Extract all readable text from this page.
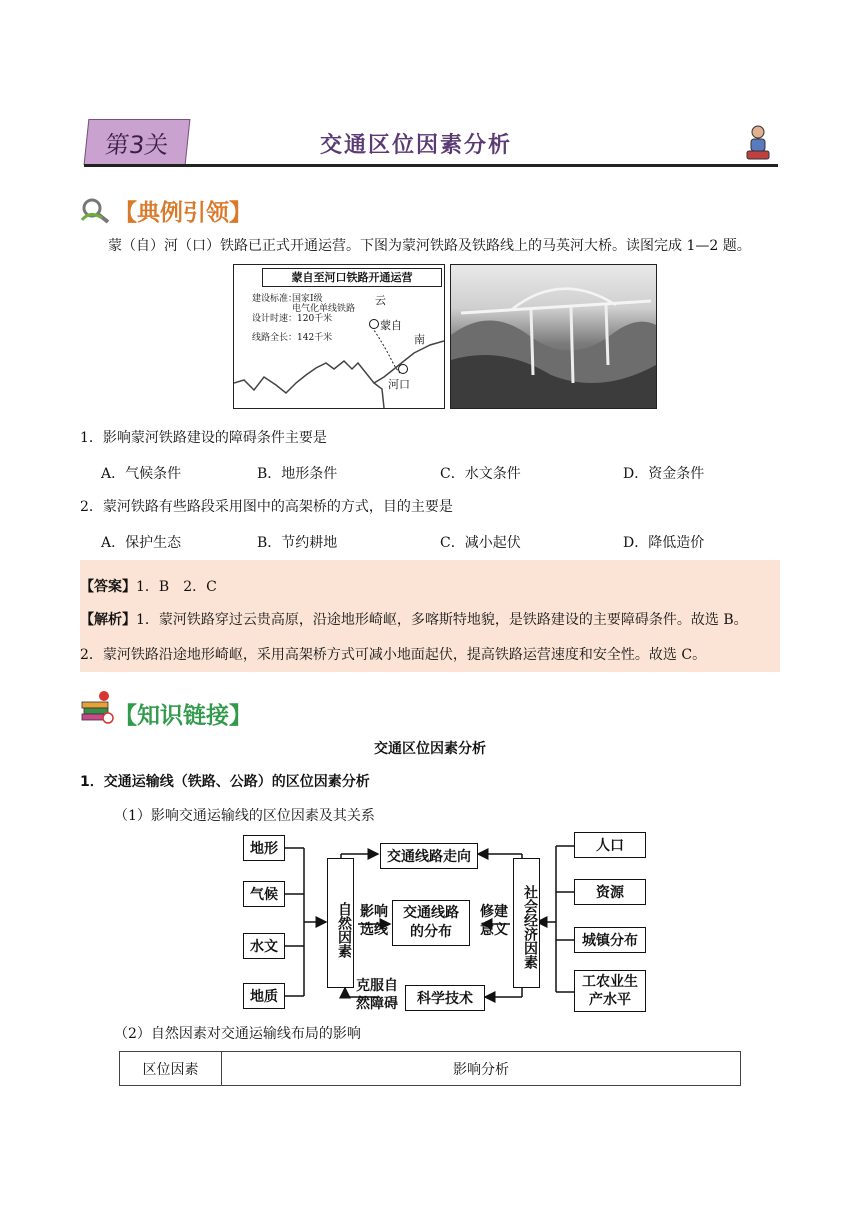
第3关	交通区位因素分析
【典例引领】
蒙（自）河（口）铁路已正式开通运营。下图为蒙河铁路及铁路线上的马英河大桥。读图完成 1—2 题。
蒙自至河口铁路开通运营
建设标准：
国家Ⅰ级
电气化单线铁路
设计时速：120千米
线路全长：142千米
云
南
蒙自
河口
1．影响蒙河铁路建设的障碍条件主要是
A．气候条件	B．地形条件	C．水文条件	D．资金条件
2．蒙河铁路有些路段采用图中的高架桥的方式，目的主要是
A．保护生态	B．节约耕地	C．减小起伏	D．降低造价
【答案】 1．B　2．C
【解析】 1．蒙河铁路穿过云贵高原，沿途地形崎岖，多喀斯特地貌，是铁路建设的主要障碍条件。故选 B。
2．蒙河铁路沿途地形崎岖，采用高架桥方式可减小地面起伏，提高铁路运营速度和安全性。故选 C。
【知识链接】
交通区位因素分析
1．交通运输线（铁路、公路）的区位因素分析
（1）影响交通运输线的区位因素及其关系
地形
气候
水文
地质
自然因素
交通线路走向
影响
选线
交通线路
的分布
修建
意义	社会经济因素
克服自
然障碍	科学技术
人口
资源
城镇分布
工农业生
产水平
（2）自然因素对交通运输线布局的影响
区位因素	影响分析
